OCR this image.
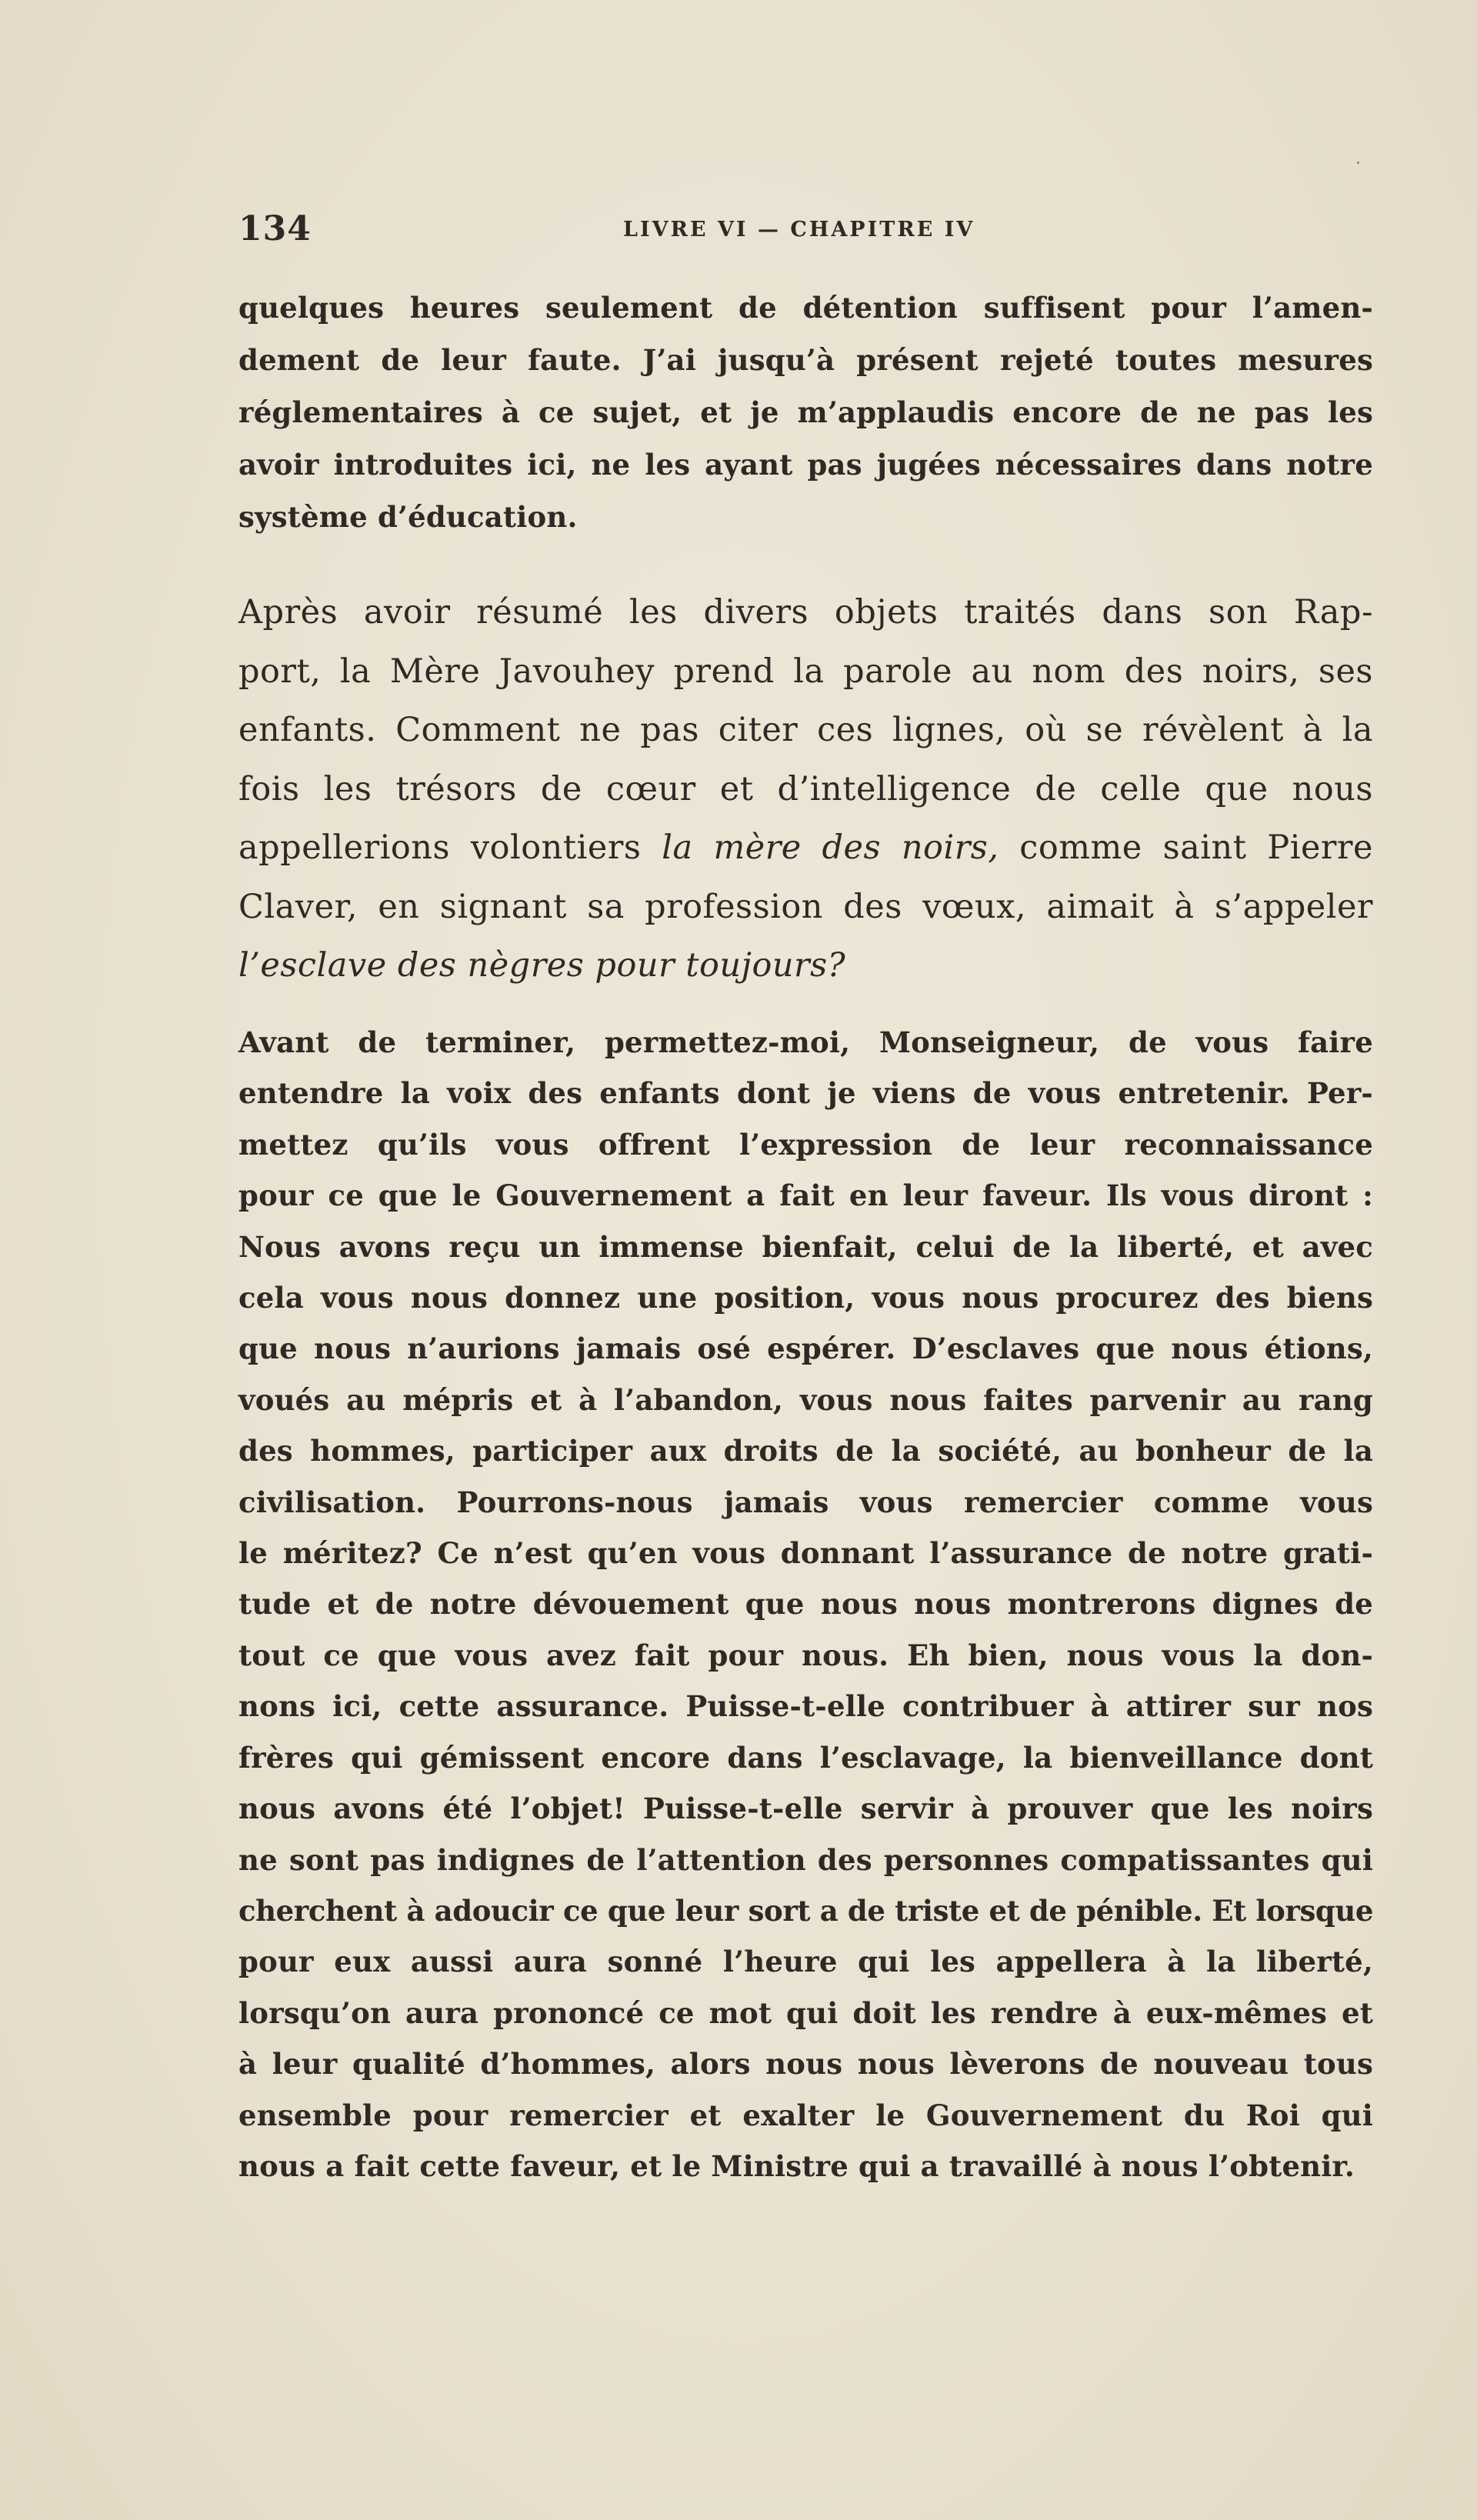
134	LIVRE VI — CHAPITRE IV
quelques heures seulement de détention suffisent pour l’amen-
dement de leur faute. J’ai jusqu’à présent rejeté toutes mesures
réglementaires à ce sujet, et je m’applaudis encore de ne pas les
avoir introduites ici, ne les ayant pas jugées nécessaires dans notre
système d’éducation.
Après avoir résumé les divers objets traités dans son Rap-
port, la Mère Javouhey prend la parole au nom des noirs, ses
enfants. Comment ne pas citer ces lignes, où se révèlent à la
fois les trésors de cœur et d’intelligence de celle que nous
appellerions volontiers la mère des noirs, comme saint Pierre
Claver, en signant sa profession des vœux, aimait à s’appeler
l’esclave des nègres pour toujours?
Avant de terminer, permettez-moi, Monseigneur, de vous faire
entendre la voix des enfants dont je viens de vous entretenir. Per-
mettez qu’ils vous offrent l’expression de leur reconnaissance
pour ce que le Gouvernement a fait en leur faveur. Ils vous diront :
Nous avons reçu un immense bienfait, celui de la liberté, et avec
cela vous nous donnez une position, vous nous procurez des biens
que nous n’aurions jamais osé espérer. D’esclaves que nous étions,
voués au mépris et à l’abandon, vous nous faites parvenir au rang
des hommes, participer aux droits de la société, au bonheur de la
civilisation. Pourrons-nous jamais vous remercier comme vous
le méritez? Ce n’est qu’en vous donnant l’assurance de notre grati-
tude et de notre dévouement que nous nous montrerons dignes de
tout ce que vous avez fait pour nous. Eh bien, nous vous la don-
nons ici, cette assurance. Puisse-t-elle contribuer à attirer sur nos
frères qui gémissent encore dans l’esclavage, la bienveillance dont
nous avons été l’objet! Puisse-t-elle servir à prouver que les noirs
ne sont pas indignes de l’attention des personnes compatissantes qui
cherchent à adoucir ce que leur sort a de triste et de pénible. Et lorsque
pour eux aussi aura sonné l’heure qui les appellera à la liberté,
lorsqu’on aura prononcé ce mot qui doit les rendre à eux-mêmes et
à leur qualité d’hommes, alors nous nous lèverons de nouveau tous
ensemble pour remercier et exalter le Gouvernement du Roi qui
nous a fait cette faveur, et le Ministre qui a travaillé à nous l’obtenir.
